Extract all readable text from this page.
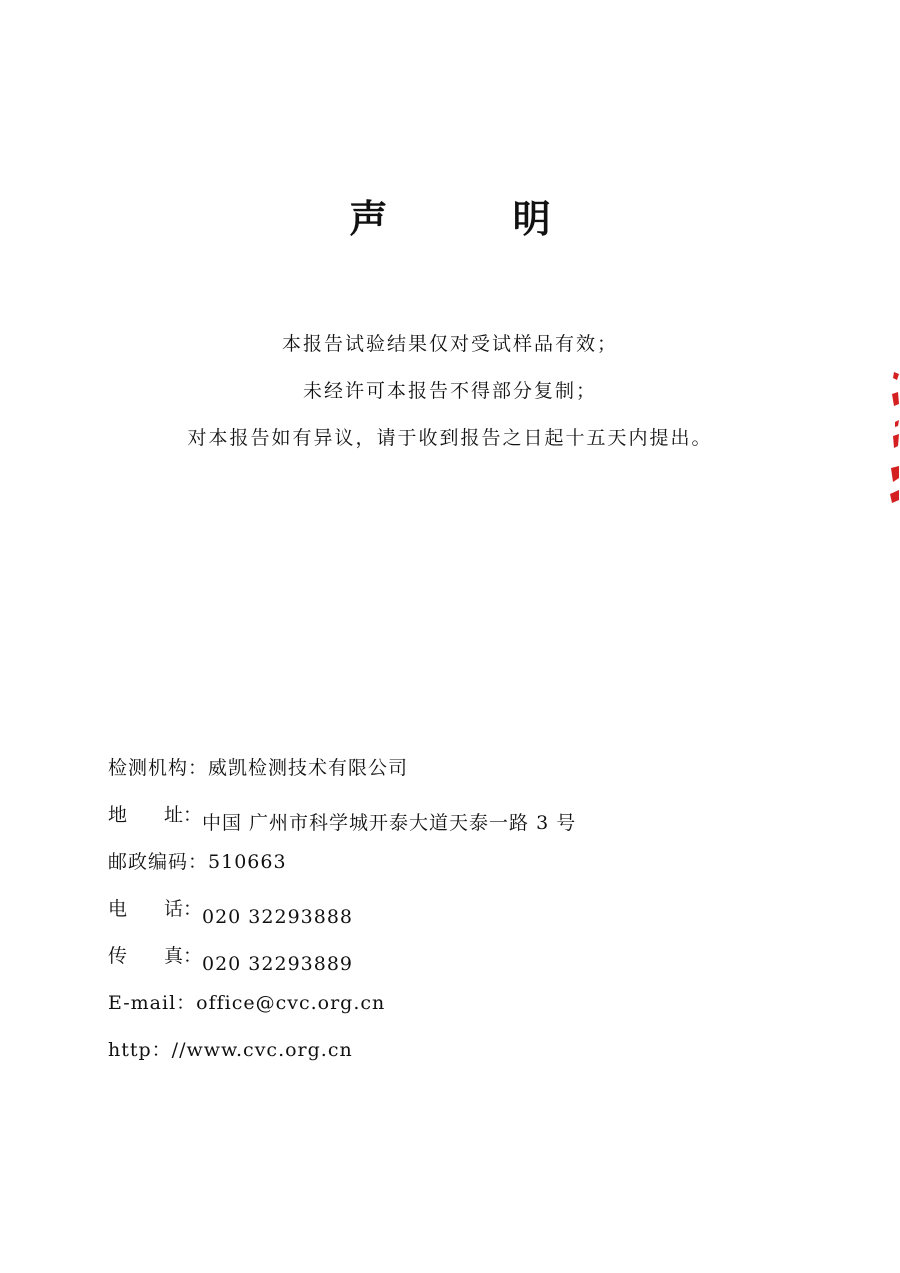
声 明
本报告试验结果仅对受试样品有效；
未经许可本报告不得部分复制；
对本报告如有异议，请于收到报告之日起十五天内提出。
检测机构：威凯检测技术有限公司
地 址： 中国 广州市科学城开泰大道天泰一路 3 号
邮政编码：510663
电 话： 020 32293888
传 真： 020 32293889
E-mail：office@cvc.org.cn
http：//www.cvc.org.cn
